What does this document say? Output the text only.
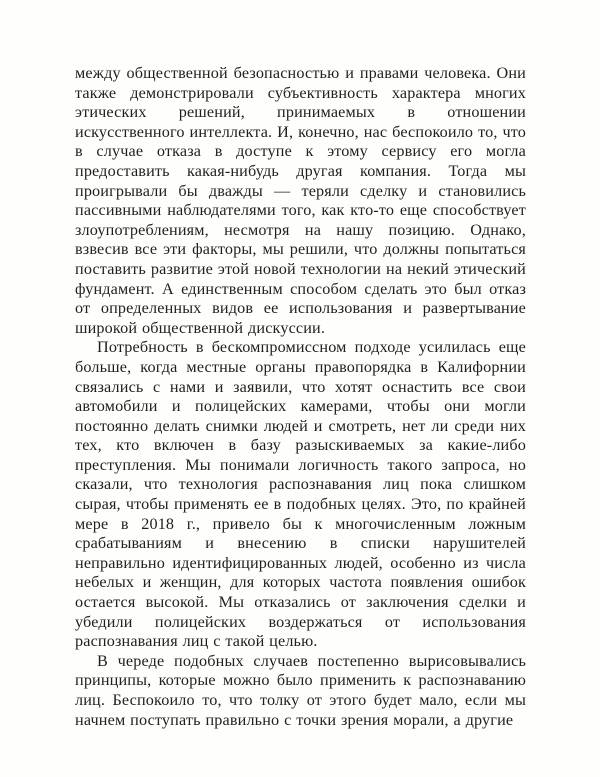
между общественной безопасностью и правами человека. Они также демонстрировали субъективность характера многих этических решений, принимаемых в отношении искусственного интеллекта. И, конечно, нас беспокоило то, что в случае отказа в доступе к этому сервису его могла предоставить какая-нибудь другая компания. Тогда мы проигрывали бы дважды — теряли сделку и становились пассивными наблюдателями того, как кто-то еще способствует злоупотреблениям, несмотря на нашу позицию. Однако, взвесив все эти факторы, мы решили, что должны попытаться поставить развитие этой новой технологии на некий этический фундамент. А единственным способом сделать это был отказ от определенных видов ее использования и развертывание широкой общественной дискуссии.

Потребность в бескомпромиссном подходе усилилась еще больше, когда местные органы правопорядка в Калифорнии связались с нами и заявили, что хотят оснастить все свои автомобили и полицейских камерами, чтобы они могли постоянно делать снимки людей и смотреть, нет ли среди них тех, кто включен в базу разыскиваемых за какие-либо преступления. Мы понимали логичность такого запроса, но сказали, что технология распознавания лиц пока слишком сырая, чтобы применять ее в подобных целях. Это, по крайней мере в 2018 г., привело бы к многочисленным ложным срабатываниям и внесению в списки нарушителей неправильно идентифицированных людей, особенно из числа небелых и женщин, для которых частота появления ошибок остается высокой. Мы отказались от заключения сделки и убедили полицейских воздержаться от использования распознавания лиц с такой целью.

В череде подобных случаев постепенно вырисовывались принципы, которые можно было применить к распознаванию лиц. Беспокоило то, что толку от этого будет мало, если мы начнем поступать правильно с точки зрения морали, а другие
